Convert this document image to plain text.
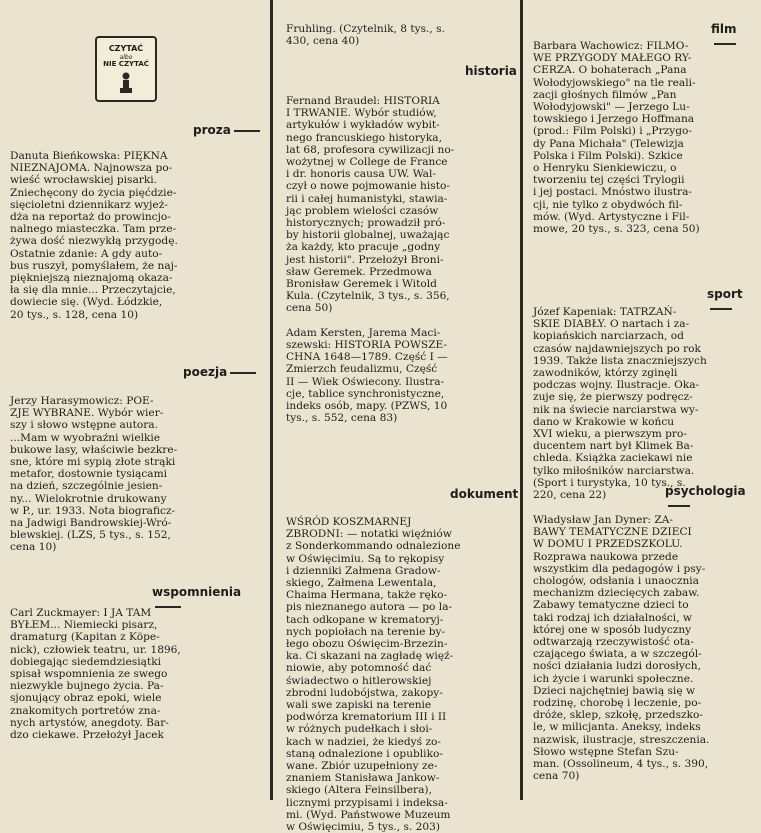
CZYTAĆ
albo
NIE CZYTAĆ
proza
Danuta Bieńkowska: PIĘKNA
NIEZNAJOMA. Najnowsza po-
wieść wrocławskiej pisarki.
Zniechęcony do życia pięćdzie-
sięcioletni dziennikarz wyjeż-
dża na reportaż do prowincjo-
nalnego miasteczka. Tam prze-
żywa dość niezwykłą przygodę.
Ostatnie zdanie: A gdy auto-
bus ruszył, pomyślałem, że naj-
piękniejszą nieznajomą okaza-
ła się dla mnie... Przeczytajcie,
dowiecie się. (Wyd. Łódzkie,
20 tys., s. 128, cena 10)
poezja
Jerzy Harasymowicz: POE-
ZJE WYBRANE. Wybór wier-
szy i słowo wstępne autora.
...Mam w wyobraźni wielkie
bukowe lasy, właściwie bezkre-
sne, które mi sypią złote strąki
metafor, dostownie tysiącami
na dzień, szczególnie jesien-
ny... Wielokrotnie drukowany
w P., ur. 1933. Nota biograficz-
na Jadwigi Bandrowskiej-Wró-
blewskiej. (LZS, 5 tys., s. 152,
cena 10)
wspomnienia
Carl Zuckmayer: I JA TAM
BYŁEM... Niemiecki pisarz,
dramaturg (Kapitan z Köpe-
nick), człowiek teatru, ur. 1896,
dobiegając siedemdziesiątki
spisał wspomnienia ze swego
niezwykle bujnego życia. Pa-
sjonujący obraz epoki, wiele
znakomitych portretów zna-
nych artystów, anegdoty. Bar-
dzo ciekawe. Przełożył Jacek
Fruhling. (Czytelnik, 8 tys., s.
430, cena 40)
historia
Fernand Braudel: HISTORIA
I TRWANIE. Wybór studiów,
artykułów i wykładów wybit-
nego francuskiego historyka,
lat 68, profesora cywilizacji no-
wożytnej w College de France
i dr. honoris causa UW. Wal-
czył o nowe pojmowanie histo-
rii i całej humanistyki, stawia-
jąc problem wielości czasów
historycznych; prowadził pró-
by historii globalnej, uważając
ża każdy, kto pracuje „godny
jest historii". Przełożył Broni-
sław Geremek. Przedmowa
Bronisław Geremek i Witold
Kula. (Czytelnik, 3 tys., s. 356,
cena 50)

Adam Kersten, Jarema Maci-
szewski: HISTORIA POWSZE-
CHNA 1648—1789. Część I —
Zmierzch feudalizmu, Część
II — Wiek Oświecony. Ilustra-
cje, tablice synchronistyczne,
indeks osób, mapy. (PZWS, 10
tys., s. 552, cena 83)
dokument
WŚRÓD KOSZMARNEJ
ZBRODNI: — notatki więźniów
z Sonderkommando odnalezione
w Oświęcimiu. Są to rękopisy
i dzienniki Załmena Gradow-
skiego, Załmena Lewentala,
Chaima Hermana, także ręko-
pis nieznanego autora — po la-
tach odkopane w krematoryj-
nych popiołach na terenie by-
łego obozu Oświęcim-Brzezin-
ka. Ci skazani na zagładę więź-
niowie, aby potomność dać
świadectwo o hitlerowskiej
zbrodni ludobójstwa, zakopy-
wali swe zapiski na terenie
podwórza krematorium III i II
w różnych pudełkach i słoi-
kach w nadziei, że kiedyś zo-
staną odnalezione i opubliko-
wane. Zbiór uzupełniony ze-
znaniem Stanisława Jankow-
skiego (Altera Feinsilbera),
licznymi przypisami i indeksa-
mi. (Wyd. Państwowe Muzeum
w Oświęcimiu, 5 tys., s. 203)
film
Barbara Wachowicz: FILMO-
WE PRZYGODY MAŁEGO RY-
CERZA. O bohaterach „Pana
Wołodyjowskiego" na tle reali-
zacji głośnych filmów „Pan
Wołodyjowski" — Jerzego Lu-
towskiego i Jerzego Hoffmana
(prod.: Film Polski) i „Przygo-
dy Pana Michała" (Telewizja
Polska i Film Polski). Szkice
o Henryku Sienkiewiczu, o
tworzeniu tej części Trylogii
i jej postaci. Mnóstwo ilustra-
cji, nie tylko z obydwóch fil-
mów. (Wyd. Artystyczne i Fil-
mowe, 20 tys., s. 323, cena 50)
sport
Józef Kapeniak: TATRZAŃ-
SKIE DIABŁY. O nartach i za-
kopiańskich narciarzach, od
czasów najdawniejszych po rok
1939. Także lista znaczniejszych
zawodników, którzy zginęli
podczas wojny. Ilustracje. Oka-
zuje się, że pierwszy podręcz-
nik na świecie narciarstwa wy-
dano w Krakowie w końcu
XVI wieku, a pierwszym pro-
ducentem nart był Klimek Ba-
chleda. Książka zaciekawi nie
tylko miłośników narciarstwa.
(Sport i turystyka, 10 tys., s.
220, cena 22)	psychologia
Władysław Jan Dyner: ZA-
BAWY TEMATYCZNE DZIECI
W DOMU I PRZEDSZKOLU.
Rozprawa naukowa przede
wszystkim dla pedagogów i psy-
chologów, odsłania i unaocznia
mechanizm dziecięcych zabaw.
Zabawy tematyczne dzieci to
taki rodzaj ich działalności, w
której one w sposób ludyczny
odtwarzają rzeczywistość ota-
czającego świata, a w szczegól-
ności działania ludzi dorosłych,
ich życie i warunki społeczne.
Dzieci najchętniej bawią się w
rodzinę, chorobę i leczenie, po-
dróże, sklep, szkołę, przedszko-
le, w milicjanta. Aneksy, indeks
nazwisk, ilustracje, streszczenia.
Słowo wstępne Stefan Szu-
man. (Ossolineum, 4 tys., s. 390,
cena 70)
